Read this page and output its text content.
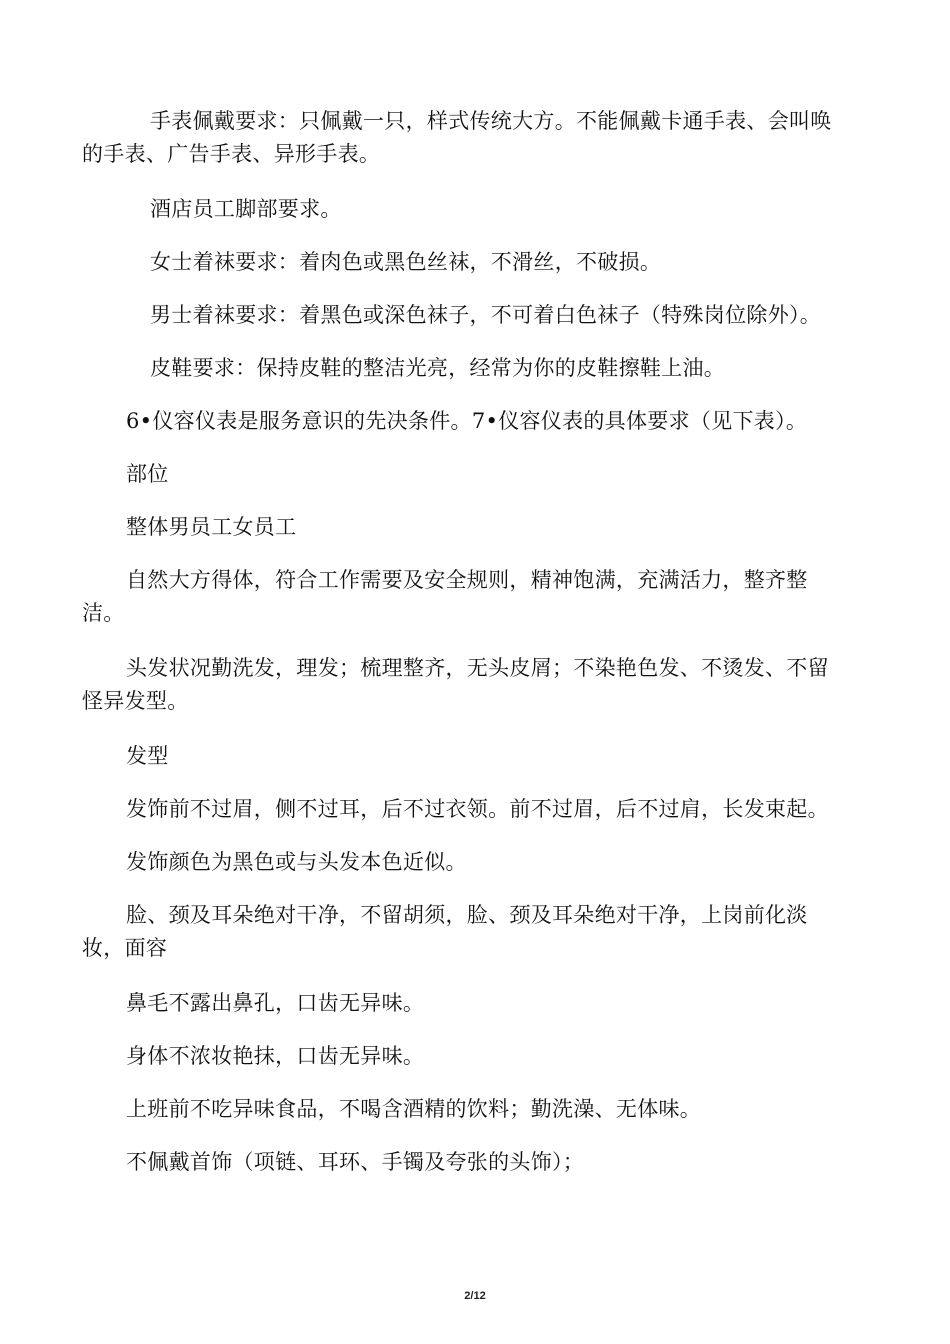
手表佩戴要求：只佩戴一只，样式传统大方。不能佩戴卡通手表、会叫唤的手表、广告手表、异形手表。

酒店员工脚部要求。

女士着袜要求：着肉色或黑色丝袜，不滑丝，不破损。

男士着袜要求：着黑色或深色袜子，不可着白色袜子（特殊岗位除外）。

皮鞋要求：保持皮鞋的整洁光亮，经常为你的皮鞋擦鞋上油。

6•仪容仪表是服务意识的先决条件。7•仪容仪表的具体要求（见下表）。

部位

整体男员工女员工

自然大方得体，符合工作需要及安全规则，精神饱满，充满活力，整齐整洁。

头发状况勤洗发，理发；梳理整齐，无头皮屑；不染艳色发、不烫发、不留怪异发型。

发型

发饰前不过眉，侧不过耳，后不过衣领。前不过眉，后不过肩，长发束起。

发饰颜色为黑色或与头发本色近似。

脸、颈及耳朵绝对干净，不留胡须，脸、颈及耳朵绝对干净，上岗前化淡妆，面容

鼻毛不露出鼻孔，口齿无异味。

身体不浓妆艳抹，口齿无异味。

上班前不吃异味食品，不喝含酒精的饮料；勤洗澡、无体味。

不佩戴首饰（项链、耳环、手镯及夸张的头饰）；

2/12
